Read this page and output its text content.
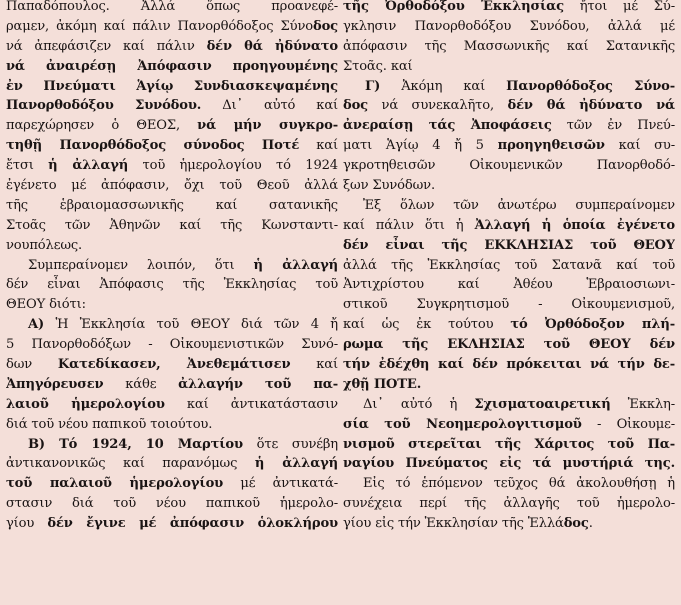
Παπαδόπουλος. Ἀλλά ὅπως προανεφέ-
ραμεν, ἀκόμη καί πάλιν Πανορθόδοξος Σύνοδος
νά ἀπεφάσιζεν καί πάλιν δέν θά ἠδύνατο
νά ἀναιρέσῃ Ἀπόφασιν προηγουμένης
ἐν Πνεύματι Ἁγίῳ Συνδιασκεψαμένης
Πανορθοδόξου Συνόδου. Δι᾽ αὐτό καί
παρεχώρησεν ὁ ΘΕΟΣ, νά μήν συγκρο-
τηθῇ Πανορθόδοξος σύνοδος Ποτέ καί
ἔτσι ἡ ἀλλαγή τοῦ ἡμερολογίου τό 1924
ἐγένετο μέ ἀπόφασιν, ὄχι τοῦ Θεοῦ ἀλλά
τῆς ἑβραιομασσωνικῆς καί σατανικῆς
Στοᾶς τῶν Ἀθηνῶν καί τῆς Κωνσταντι-
νουπόλεως.
Συμπεραίνομεν λοιπόν, ὅτι ἡ ἀλλαγή
δέν εἶναι Ἀπόφασις τῆς Ἐκκλησίας τοῦ
ΘΕΟΥ διότι:
Α) Ἡ Ἐκκλησία τοῦ ΘΕΟΥ διά τῶν 4 ἤ
5 Πανορθοδόξων - Οἰκουμενιστικῶν Συνό-
δων Κατεδίκασεν, Ἀνεθεμάτισεν καί
Ἀπηγόρευσεν κάθε ἀλλαγήν τοῦ πα-
λαιοῦ ἡμερολογίου καί ἀντικατάστασιν
διά τοῦ νέου παπικοῦ τοιούτου.
Β) Τό 1924, 10 Μαρτίου ὅτε συνέβη
ἀντικανονικῶς καί παρανόμως ἡ ἀλλαγή
τοῦ παλαιοῦ ἡμερολογίου μέ ἀντικατά-
στασιν διά τοῦ νέου παπικοῦ ἡμερολο-
γίου δέν ἔγινε μέ ἀπόφασιν ὁλοκλήρου
τῆς Ὀρθοδόξου Ἐκκλησίας ἤτοι μέ Σύ-
γκλησιν Πανορθοδόξου Συνόδου, ἀλλά μέ
ἀπόφασιν τῆς Μασσωνικῆς καί Σατανικῆς
Στοᾶς. καί
Γ) Ἀκόμη καί Πανορθόδοξος Σύνο-
δος νά συνεκαλῆτο, δέν θά ἠδύνατο νά
ἀνεραίσῃ τάς Ἀποφάσεις τῶν ἐν Πνεύ-
ματι Ἁγίῳ 4 ἤ 5 προηγηθεισῶν καί συ-
γκροτηθεισῶν Οἰκουμενικῶν Πανορθοδό-
ξων Συνόδων.
Ἐξ ὅλων τῶν ἀνωτέρω συμπεραίνομεν
καί πάλιν ὅτι ἡ Ἀλλαγή ἡ ὁποία ἐγένετο
δέν εἶναι τῆς ΕΚΚΛΗΣΙΑΣ τοῦ ΘΕΟΥ
ἀλλά τῆς Ἐκκλησίας τοῦ Σατανᾶ καί τοῦ
Ἀντιχρίστου καί Ἀθέου Ἑβραιοσιωνι-
στικοῦ Συγκρητισμοῦ - Οἰκουμενισμοῦ,
καί ὡς ἐκ τούτου τό Ὀρθόδοξον πλή-
ρωμα τῆς ΕΚΛΗΣΙΑΣ τοῦ ΘΕΟΥ δέν
τήν ἐδέχθη καί δέν πρόκειται νά τήν δε-
χθῇ ΠΟΤΕ.
Δι᾽ αὐτό ἡ Σχισματοαιρετική Ἐκκλη-
σία τοῦ Νεοημερολογιτισμοῦ - Οἰκουμε-
νισμοῦ στερεῖται τῆς Χάριτος τοῦ Πα-
ναγίου Πνεύματος εἰς τά μυστήριά της.
Εἰς τό ἑπόμενον τεῦχος θά ἀκολουθήσῃ ἡ
συνέχεια περί τῆς ἀλλαγῆς τοῦ ἡμερολο-
γίου εἰς τήν Ἐκκλησίαν τῆς Ἑλλάδος.
